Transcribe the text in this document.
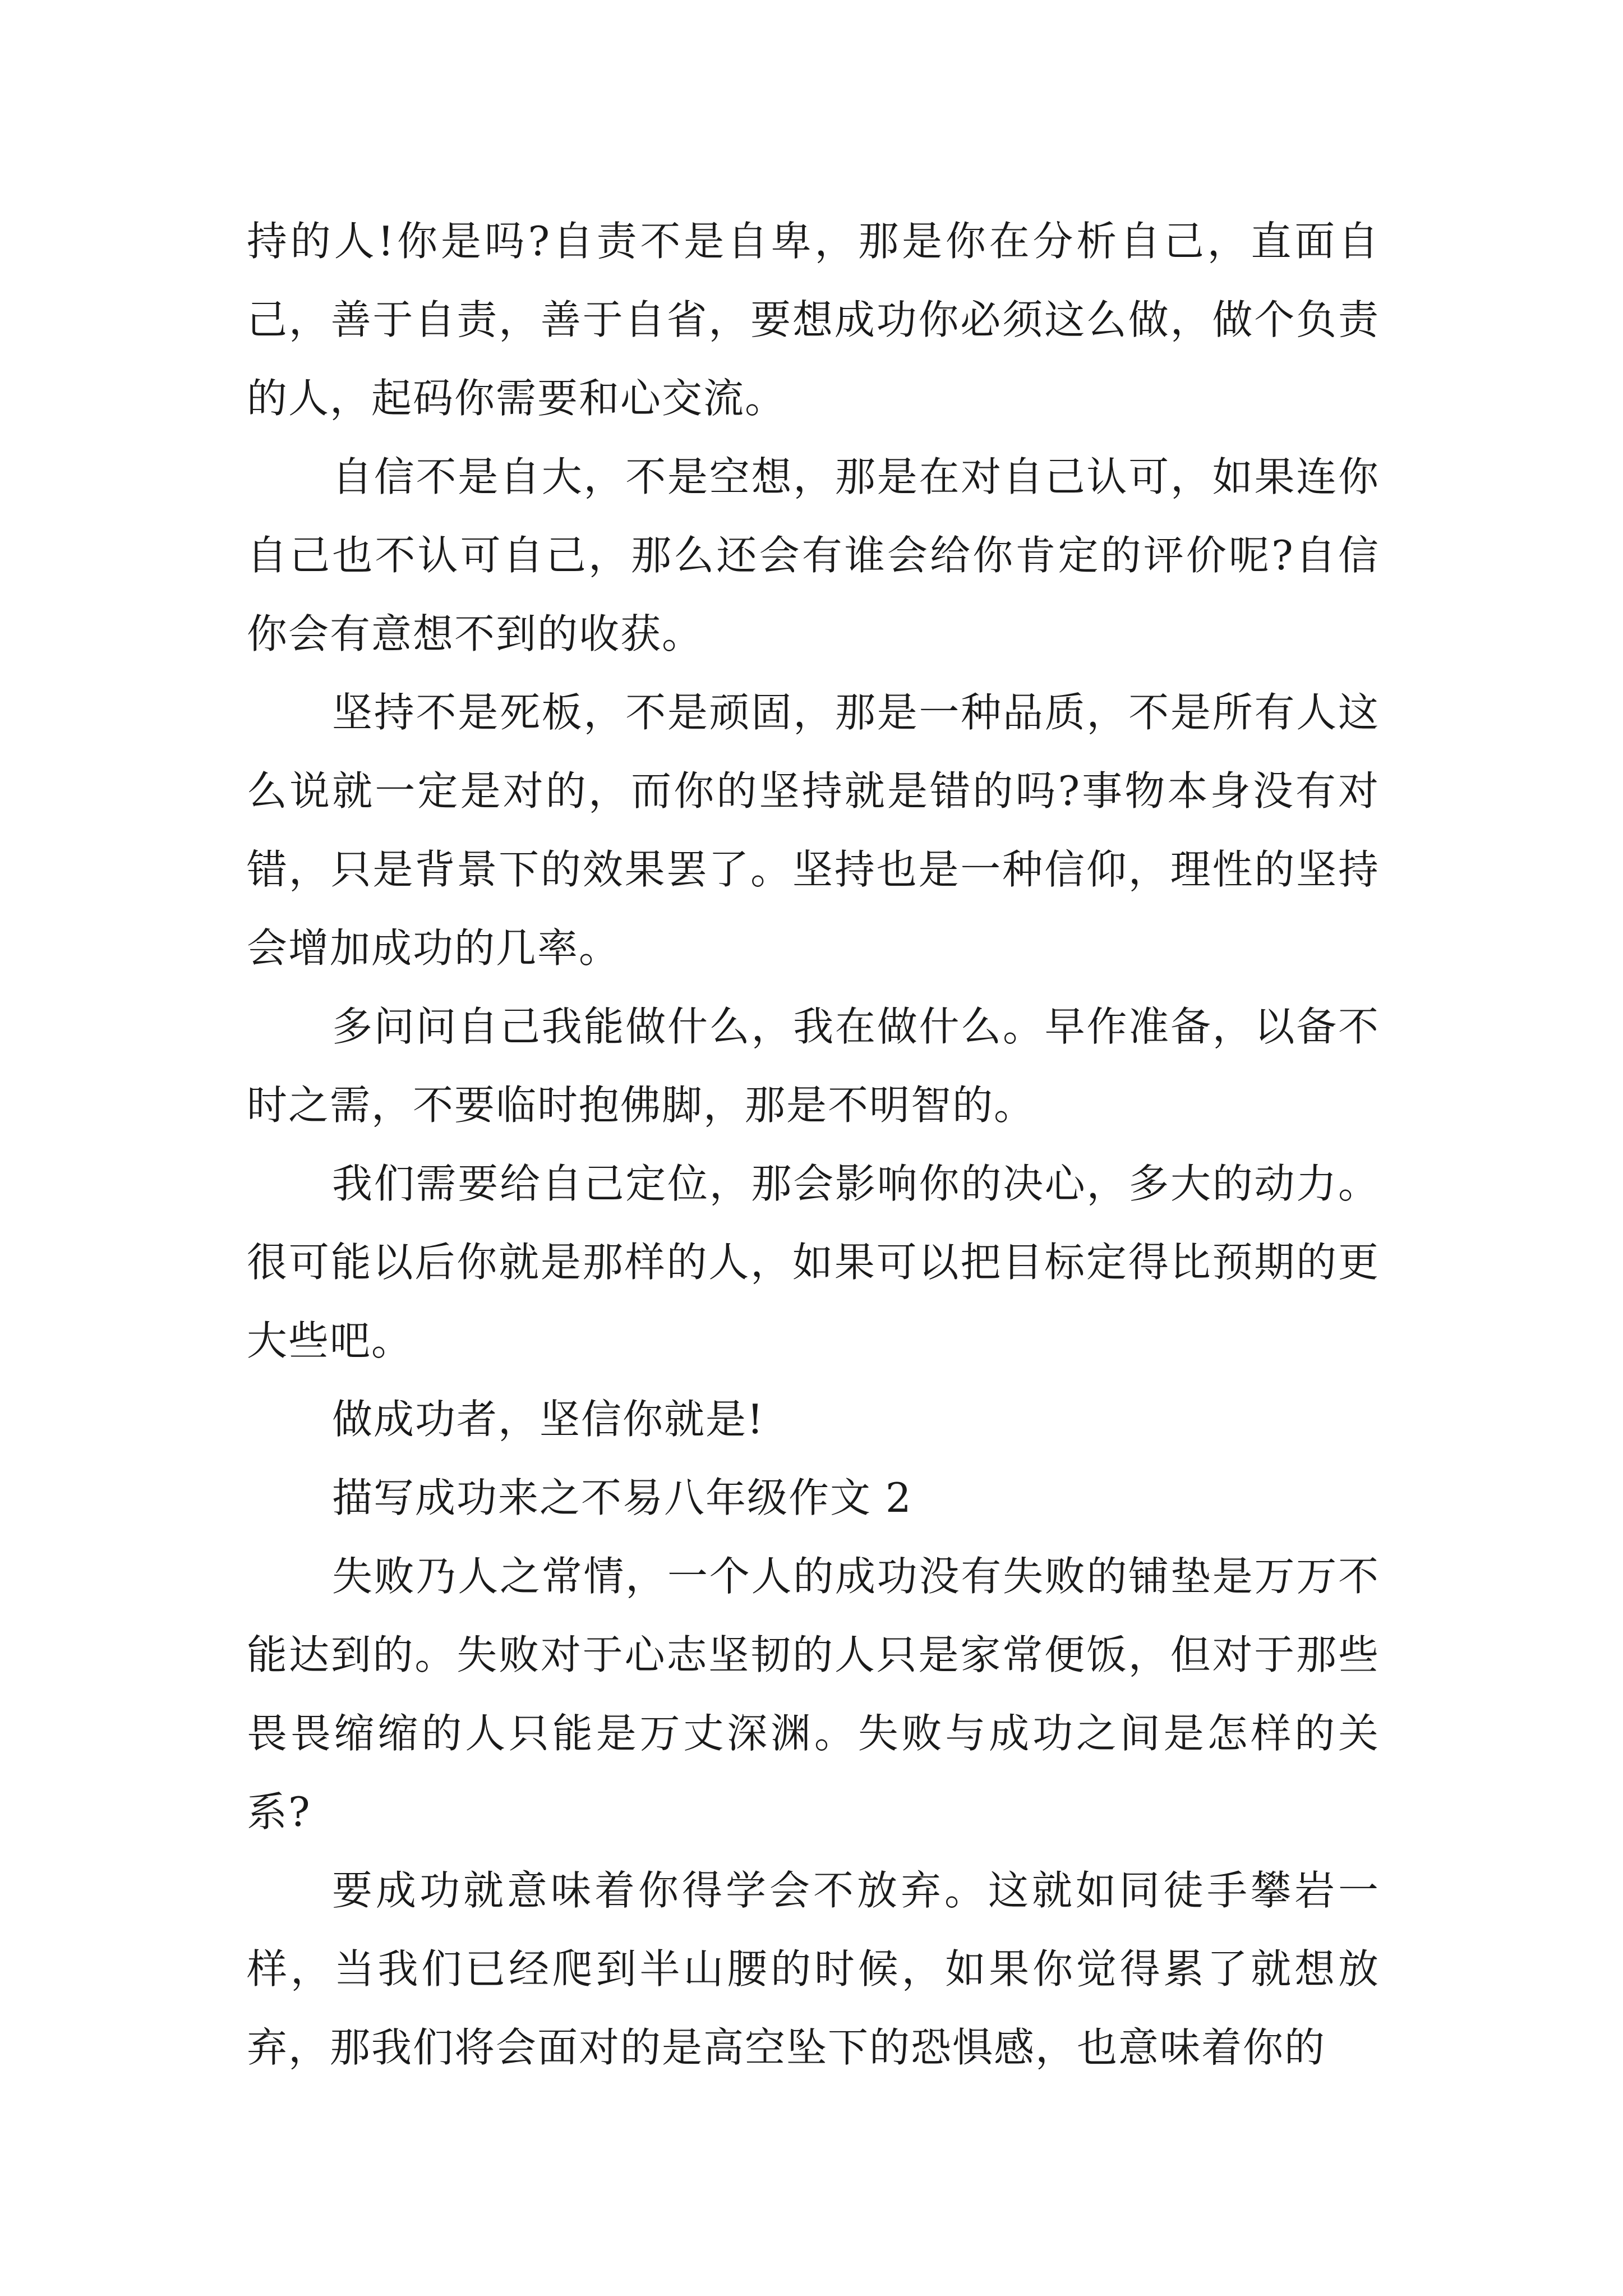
持的人!你是吗?自责不是自卑，那是你在分析自己，直面自己，善于自责，善于自省，要想成功你必须这么做，做个负责的人，起码你需要和心交流。

自信不是自大，不是空想，那是在对自己认可，如果连你自己也不认可自己，那么还会有谁会给你肯定的评价呢?自信你会有意想不到的收获。

坚持不是死板，不是顽固，那是一种品质，不是所有人这么说就一定是对的，而你的坚持就是错的吗?事物本身没有对错，只是背景下的效果罢了。坚持也是一种信仰，理性的坚持会增加成功的几率。

多问问自己我能做什么，我在做什么。早作准备，以备不时之需，不要临时抱佛脚，那是不明智的。

我们需要给自己定位，那会影响你的决心，多大的动力。很可能以后你就是那样的人，如果可以把目标定得比预期的更大些吧。

做成功者，坚信你就是!

描写成功来之不易八年级作文 2

失败乃人之常情，一个人的成功没有失败的铺垫是万万不能达到的。失败对于心志坚韧的人只是家常便饭，但对于那些畏畏缩缩的人只能是万丈深渊。失败与成功之间是怎样的关系?

要成功就意味着你得学会不放弃。这就如同徒手攀岩一样，当我们已经爬到半山腰的时候，如果你觉得累了就想放弃，那我们将会面对的是高空坠下的恐惧感，也意味着你的
